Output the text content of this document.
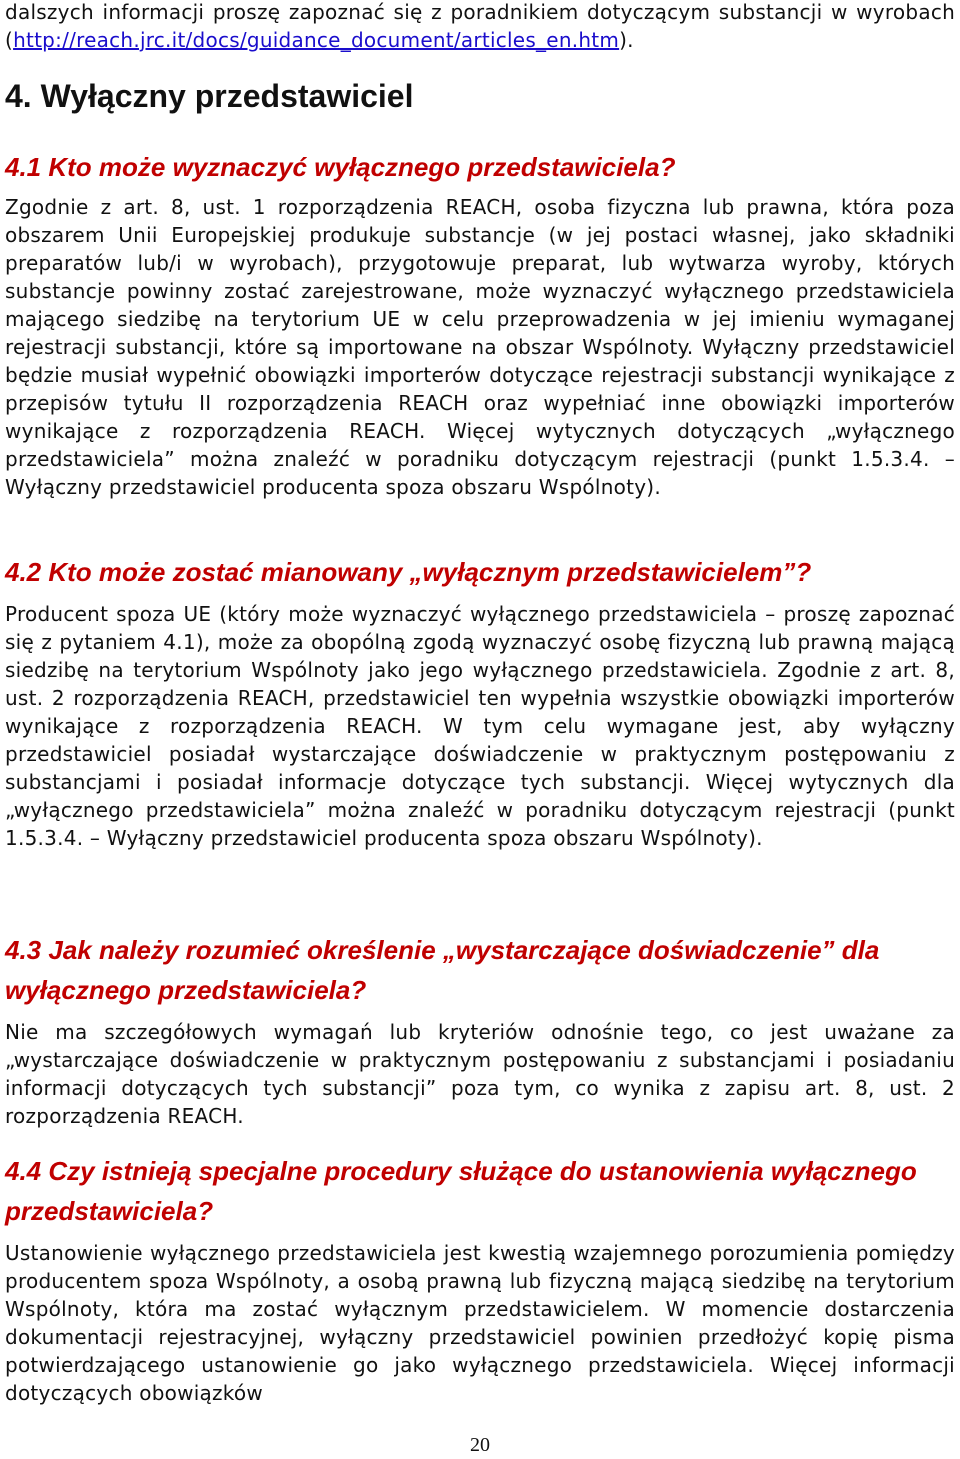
dalszych informacji proszę zapoznać się z poradnikiem dotyczącym substancji w wyrobach (http://reach.jrc.it/docs/guidance_document/articles_en.htm).

4. Wyłączny przedstawiciel
4.1 Kto może wyznaczyć wyłącznego przedstawiciela?

Zgodnie z art. 8, ust. 1 rozporządzenia REACH, osoba fizyczna lub prawna, która poza obszarem Unii Europejskiej produkuje substancje (w jej postaci własnej, jako składniki preparatów lub/i w wyrobach), przygotowuje preparat, lub wytwarza wyroby, których substancje powinny zostać zarejestrowane, może wyznaczyć wyłącznego przedstawiciela mającego siedzibę na terytorium UE w celu przeprowadzenia w jej imieniu wymaganej rejestracji substancji, które są importowane na obszar Wspólnoty. Wyłączny przedstawiciel będzie musiał wypełnić obowiązki importerów dotyczące rejestracji substancji wynikające z przepisów tytułu II rozporządzenia REACH oraz wypełniać inne obowiązki importerów wynikające z rozporządzenia REACH. Więcej wytycznych dotyczących „wyłącznego przedstawiciela” można znaleźć w poradniku dotyczącym rejestracji (punkt 1.5.3.4. – Wyłączny przedstawiciel producenta spoza obszaru Wspólnoty).

4.2 Kto może zostać mianowany „wyłącznym przedstawicielem”?

Producent spoza UE (który może wyznaczyć wyłącznego przedstawiciela – proszę zapoznać się z pytaniem 4.1), może za obopólną zgodą wyznaczyć osobę fizyczną lub prawną mającą siedzibę na terytorium Wspólnoty jako jego wyłącznego przedstawiciela. Zgodnie z art. 8, ust. 2 rozporządzenia REACH, przedstawiciel ten wypełnia wszystkie obowiązki importerów wynikające z rozporządzenia REACH. W tym celu wymagane jest, aby wyłączny przedstawiciel posiadał wystarczające doświadczenie w praktycznym postępowaniu z substancjami i posiadał informacje dotyczące tych substancji. Więcej wytycznych dla „wyłącznego przedstawiciela” można znaleźć w poradniku dotyczącym rejestracji (punkt 1.5.3.4. – Wyłączny przedstawiciel producenta spoza obszaru Wspólnoty).

4.3 Jak należy rozumieć określenie „wystarczające doświadczenie” dla wyłącznego przedstawiciela?

Nie ma szczegółowych wymagań lub kryteriów odnośnie tego, co jest uważane za „wystarczające doświadczenie w praktycznym postępowaniu z substancjami i posiadaniu informacji dotyczących tych substancji” poza tym, co wynika z zapisu art. 8, ust. 2 rozporządzenia REACH.

4.4 Czy istnieją specjalne procedury służące do ustanowienia wyłącznego przedstawiciela?

Ustanowienie wyłącznego przedstawiciela jest kwestią wzajemnego porozumienia pomiędzy producentem spoza Wspólnoty, a osobą prawną lub fizyczną mającą siedzibę na terytorium Wspólnoty, która ma zostać wyłącznym przedstawicielem. W momencie dostarczenia dokumentacji rejestracyjnej, wyłączny przedstawiciel powinien przedłożyć kopię pisma potwierdzającego ustanowienie go jako wyłącznego przedstawiciela. Więcej informacji dotyczących obowiązków

20
